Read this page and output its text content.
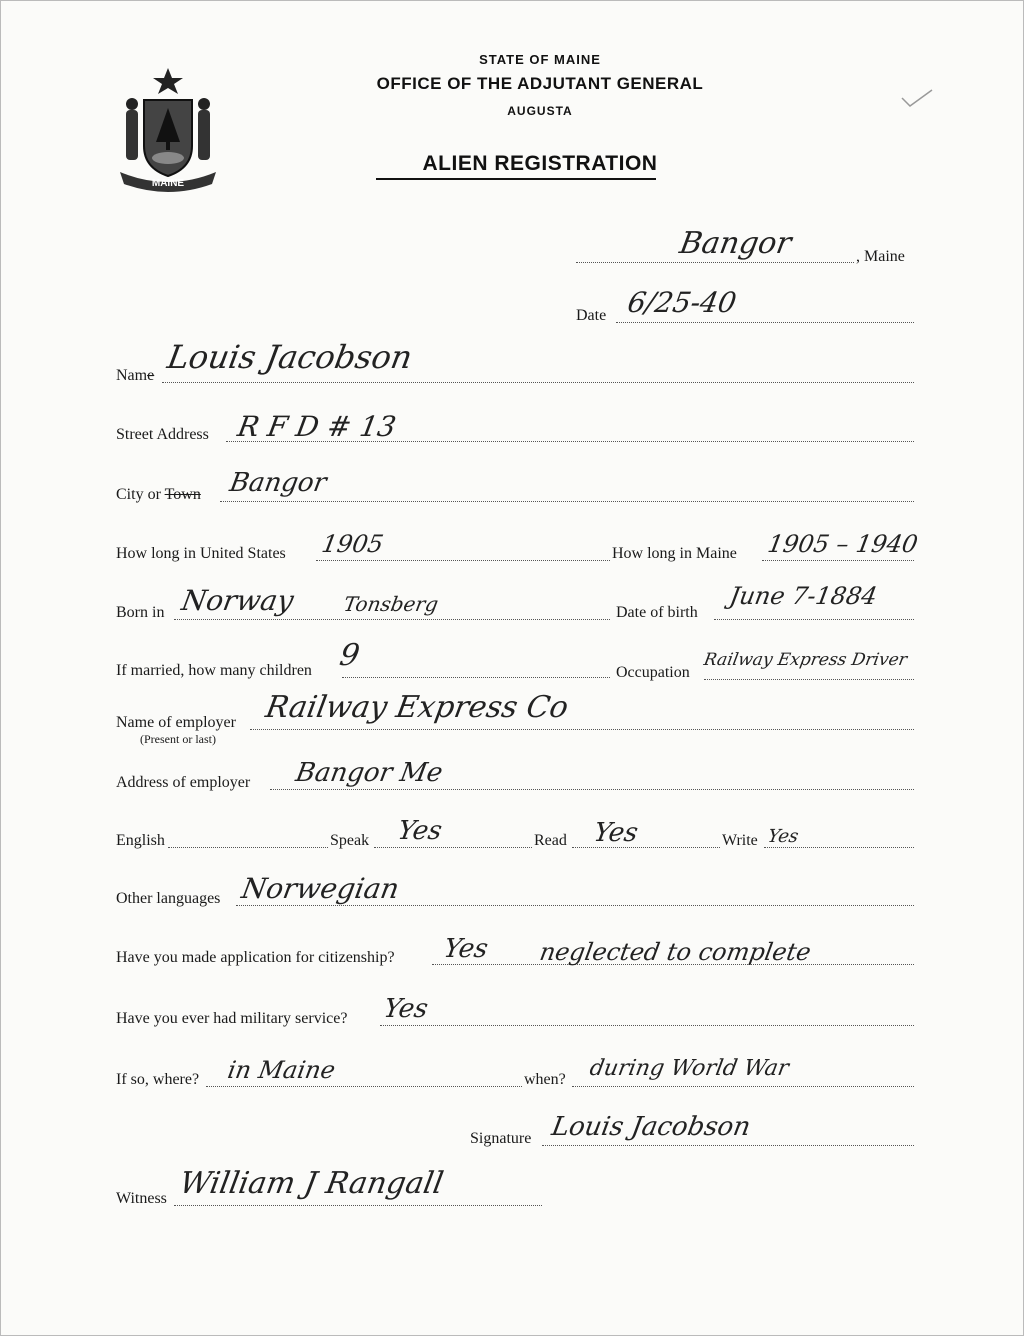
MAINE
STATE OF MAINE
OFFICE OF THE ADJUTANT GENERAL
AUGUSTA
ALIEN REGISTRATION
Bangor	, Maine
Date 6/25-40
Name Louis Jacobson
Street Address R F D # 13
City or Town Bangor
How long in United States 1905	How long in Maine 1905 – 1940
Born in Norway Tonsberg	Date of birth
June 7-1884
If married, how many children 9	Occupation
Railway Express Driver
Name of employer
(Present or last)
Railway Express Co
Address of employer Bangor Me
English	Speak Yes	Read Yes	Write Yes
Other languages Norwegian
Have you made application for citizenship? Yes neglected to complete
Have you ever had military service? Yes
If so, where? in Maine	when? during World War
Signature Louis Jacobson
Witness William J Rangall
